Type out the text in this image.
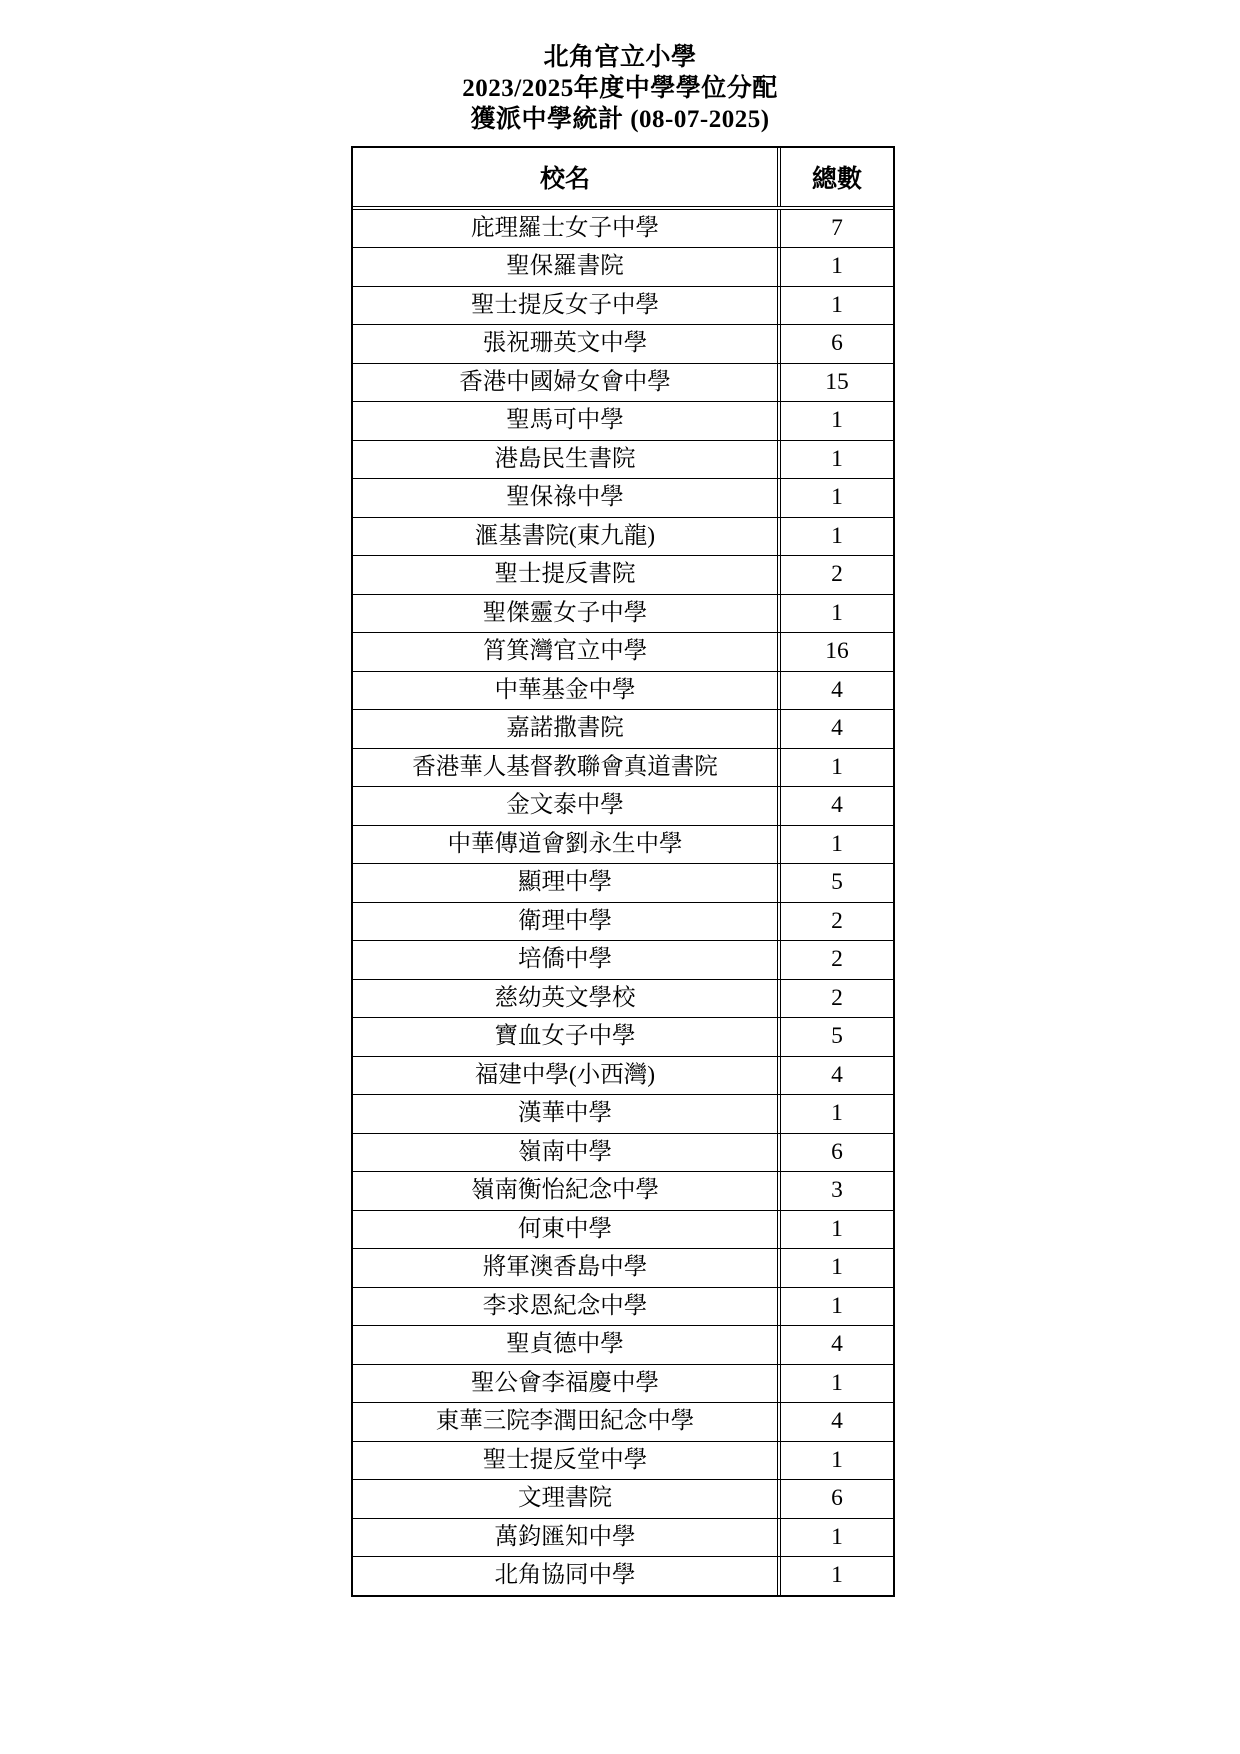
北角官立小學
2023/2025年度中學學位分配
獲派中學統計 (08-07-2025)
校名	總數
庇理羅士女子中學	7
聖保羅書院	1
聖士提反女子中學	1
張祝珊英文中學	6
香港中國婦女會中學	15
聖馬可中學	1
港島民生書院	1
聖保祿中學	1
滙基書院(東九龍)	1
聖士提反書院	2
聖傑靈女子中學	1
筲箕灣官立中學	16
中華基金中學	4
嘉諾撒書院	4
香港華人基督教聯會真道書院	1
金文泰中學	4
中華傳道會劉永生中學	1
顯理中學	5
衛理中學	2
培僑中學	2
慈幼英文學校	2
寶血女子中學	5
福建中學(小西灣)	4
漢華中學	1
嶺南中學	6
嶺南衡怡紀念中學	3
何東中學	1
將軍澳香島中學	1
李求恩紀念中學	1
聖貞德中學	4
聖公會李福慶中學	1
東華三院李潤田紀念中學	4
聖士提反堂中學	1
文理書院	6
萬鈞匯知中學	1
北角協同中學	1
